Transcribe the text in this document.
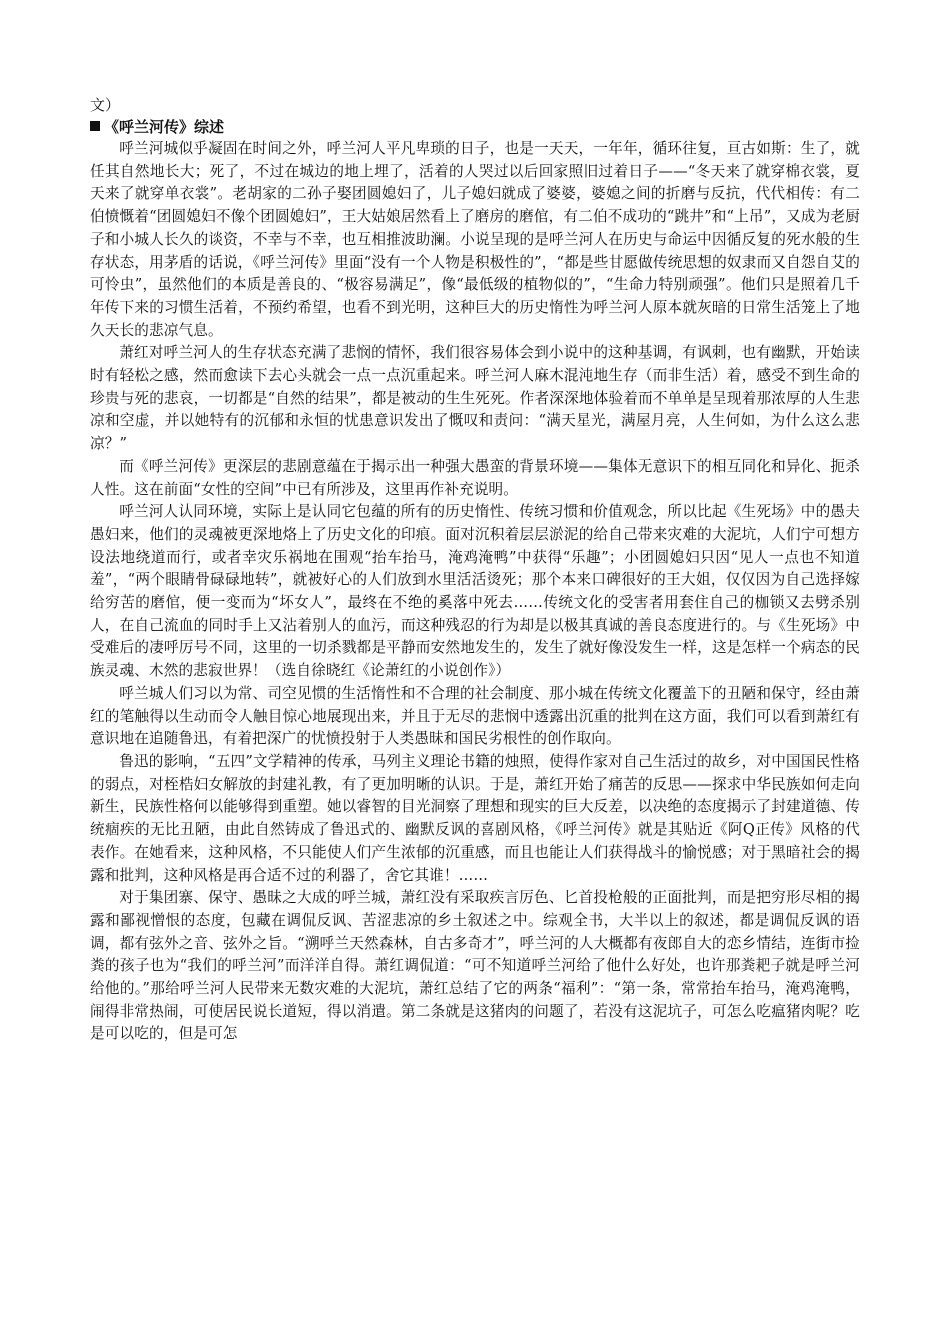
文）

《呼兰河传》综述

呼兰河城似乎凝固在时间之外，呼兰河人平凡卑琐的日子，也是一天天，一年年，循环往复，亘古如斯：生了，就任其自然地长大；死了，不过在城边的地上埋了，活着的人哭过以后回家照旧过着日子——“冬天来了就穿棉衣裳，夏天来了就穿单衣裳”。老胡家的二孙子娶团圆媳妇了，儿子媳妇就成了婆婆，婆媳之间的折磨与反抗，代代相传：有二伯愤慨着“团圆媳妇不像个团圆媳妇”，王大姑娘居然看上了磨房的磨倌，有二伯不成功的“跳井”和“上吊”，又成为老厨子和小城人长久的谈资，不幸与不幸，也互相推波助澜。小说呈现的是呼兰河人在历史与命运中因循反复的死水般的生存状态，用茅盾的话说，《呼兰河传》里面“没有一个人物是积极性的”，“都是些甘愿做传统思想的奴隶而又自怨自艾的可怜虫”，虽然他们的本质是善良的、“极容易满足”，像“最低级的植物似的”，“生命力特别顽强”。他们只是照着几千年传下来的习惯生活着，不预约希望，也看不到光明，这种巨大的历史惰性为呼兰河人原本就灰暗的日常生活笼上了地久天长的悲凉气息。

萧红对呼兰河人的生存状态充满了悲悯的情怀，我们很容易体会到小说中的这种基调，有讽刺，也有幽默，开始读时有轻松之感，然而愈读下去心头就会一点一点沉重起来。呼兰河人麻木混沌地生存（而非生活）着，感受不到生命的珍贵与死的悲哀，一切都是“自然的结果”，都是被动的生生死死。作者深深地体验着而不单单是呈现着那浓厚的人生悲凉和空虚，并以她特有的沉郁和永恒的忧患意识发出了慨叹和责问：“满天星光，满屋月亮，人生何如，为什么这么悲凉？”

而《呼兰河传》更深层的悲剧意蕴在于揭示出一种强大愚蛮的背景环境——集体无意识下的相互同化和异化、扼杀人性。这在前面“女性的空间”中已有所涉及，这里再作补充说明。

呼兰河人认同环境，实际上是认同它包蕴的所有的历史惰性、传统习惯和价值观念，所以比起《生死场》中的愚夫愚妇来，他们的灵魂被更深地烙上了历史文化的印痕。面对沉积着层层淤泥的给自己带来灾难的大泥坑，人们宁可想方设法地绕道而行，或者幸灾乐祸地在围观“抬车抬马，淹鸡淹鸭”中获得“乐趣”；小团圆媳妇只因“见人一点也不知道羞”，“两个眼睛骨碌碌地转”，就被好心的人们放到水里活活烫死；那个本来口碑很好的王大姐，仅仅因为自己选择嫁给穷苦的磨倌，便一变而为“坏女人”，最终在不绝的奚落中死去……传统文化的受害者用套住自己的枷锁又去劈杀别人，在自己流血的同时手上又沾着别人的血污，而这种残忍的行为却是以极其真诚的善良态度进行的。与《生死场》中受难后的凄呼厉号不同，这里的一切杀戮都是平静而安然地发生的，发生了就好像没发生一样，这是怎样一个病态的民族灵魂、木然的悲寂世界！（选自徐晓红《论萧红的小说创作》）

呼兰城人们习以为常、司空见惯的生活惰性和不合理的社会制度、那小城在传统文化覆盖下的丑陋和保守，经由萧红的笔触得以生动而令人触目惊心地展现出来，并且于无尽的悲悯中透露出沉重的批判在这方面，我们可以看到萧红有意识地在追随鲁迅，有着把深广的忧愤投射于人类愚昧和国民劣根性的创作取向。

鲁迅的影响，“五四”文学精神的传承，马列主义理论书籍的烛照，使得作家对自己生活过的故乡，对中国国民性格的弱点，对桎梏妇女解放的封建礼教，有了更加明晰的认识。于是，萧红开始了痛苦的反思——探求中华民族如何走向新生，民族性格何以能够得到重塑。她以睿智的目光洞察了理想和现实的巨大反差，以决绝的态度揭示了封建道德、传统痼疾的无比丑陋，由此自然铸成了鲁迅式的、幽默反讽的喜剧风格，《呼兰河传》就是其贴近《阿Q正传》风格的代表作。在她看来，这种风格，不只能使人们产生浓郁的沉重感，而且也能让人们获得战斗的愉悦感；对于黑暗社会的揭露和批判，这种风格是再合适不过的利器了，舍它其谁！……

对于集团寨、保守、愚昧之大成的呼兰城，萧红没有采取疾言厉色、匕首投枪般的正面批判，而是把穷形尽相的揭露和鄙视憎恨的态度，包藏在调侃反讽、苦涩悲凉的乡土叙述之中。综观全书，大半以上的叙述，都是调侃反讽的语调，都有弦外之音、弦外之旨。“溯呼兰天然森林，自古多奇才”，呼兰河的人大概都有夜郎自大的恋乡情结，连街市捡粪的孩子也为“我们的呼兰河”而洋洋自得。萧红调侃道：“可不知道呼兰河给了他什么好处，也许那粪耙子就是呼兰河给他的。”那给呼兰河人民带来无数灾难的大泥坑，萧红总结了它的两条“福利”：“第一条，常常抬车抬马，淹鸡淹鸭，闹得非常热闹，可使居民说长道短，得以消遣。第二条就是这猪肉的问题了，若没有这泥坑子，可怎么吃瘟猪肉呢？吃是可以吃的，但是可怎
